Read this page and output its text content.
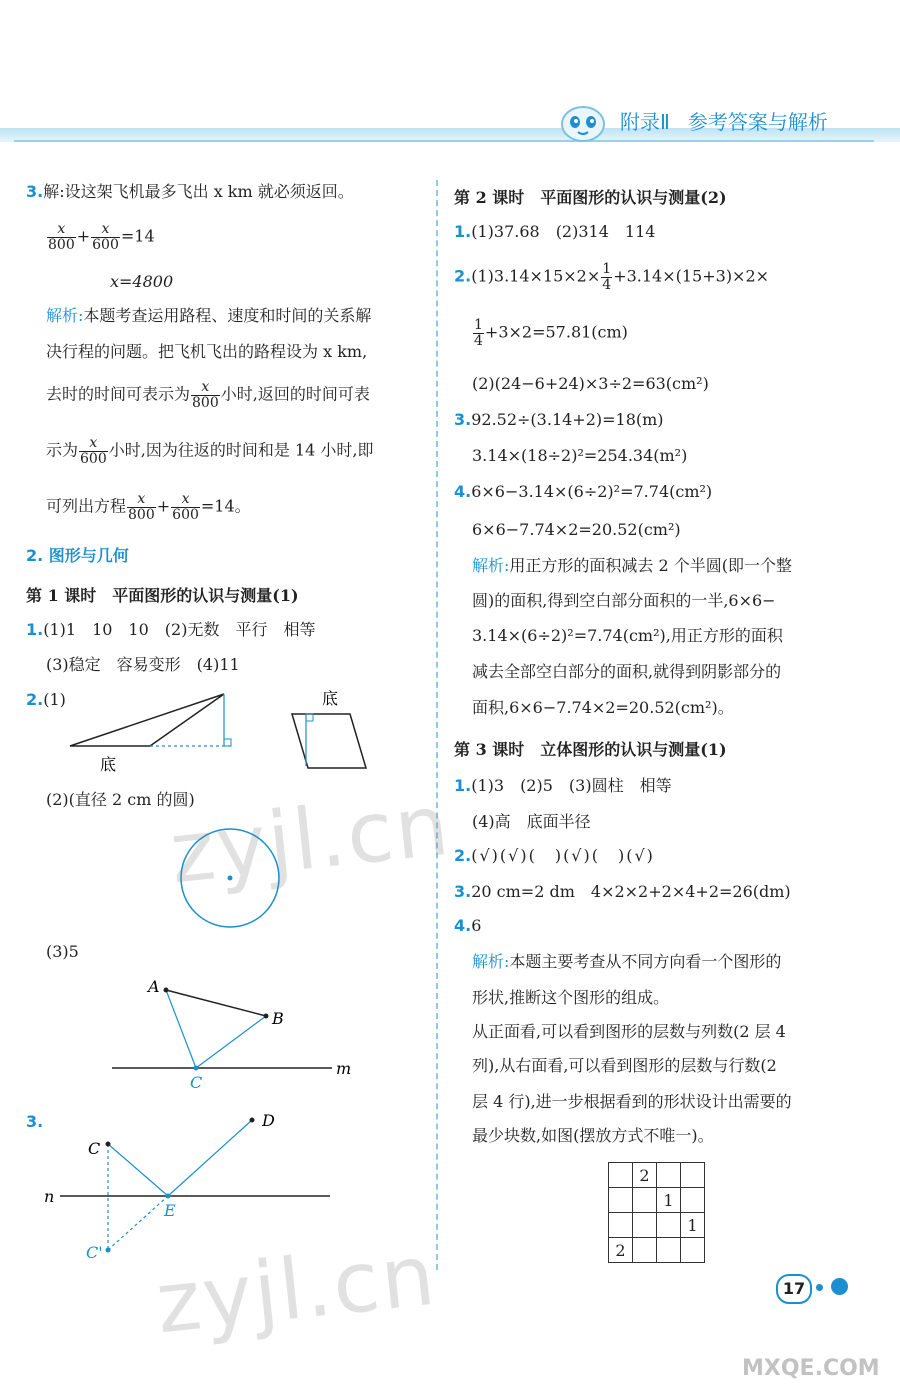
附录Ⅱ 参考答案与解析
3.解:设这架飞机最多飞出 x km 就必须返回。
$\frac{x}{800} + \frac{x}{600} =14$
x=4800
解析:本题考查运用路程、速度和时间的关系解
决行程的问题。把飞机飞出的路程设为 x km,
去时的时间可表示为 $\frac{x}{800}$ 小时,返回的时间可表
示为 $\frac{x}{600}$ 小时,因为往返的时间和是 14 小时,即
可列出方程 $\frac{x}{800} + \frac{x}{600} =14$。
2. 图形与几何
第 1 课时　平面图形的认识与测量(1)
1.(1)1　10　10　(2)无数　平行　相等
(3)稳定　容易变形　(4)11
2.(1)
底
底
(2)(直径 2 cm 的圆)
(3)5
A
B
C
m
3.
C
D
E
n
C'
第 2 课时　平面图形的认识与测量(2)
1.(1)37.68　(2)314　114
$2.(1)3.14\times 15\times 2\times \frac{1}{4} +3.14\times(15+3)\times 2\times$
$\frac{1}{4} +3\times 2=57.81(cm)$
(2)(24−6+24)×3÷2=63(cm²)
3.92.52÷(3.14+2)=18(m)
3.14×(18÷2)²=254.34(m²)
4.6×6−3.14×(6÷2)²=7.74(cm²)
6×6−7.74×2=20.52(cm²)
解析:用正方形的面积减去 2 个半圆(即一个整
圆)的面积,得到空白部分面积的一半,6×6−
3.14×(6÷2)²=7.74(cm²),用正方形的面积
减去全部空白部分的面积,就得到阴影部分的
面积,6×6−7.74×2=20.52(cm²)。
第 3 课时　立体图形的认识与测量(1)
1.(1)3　(2)5　(3)圆柱　相等
(4)高　底面半径
2.(√)(√)(　)(√)(　)(√)
3.20 cm=2 dm　4×2×2+2×4+2=26(dm)
4.6
解析:本题主要考查从不同方向看一个图形的
形状,推断这个图形的组成。
从正面看,可以看到图形的层数与列数(2 层 4
列),从右面看,可以看到图形的层数与行数(2
层 4 行),进一步根据看到的形状设计出需要的
最少块数,如图(摆放方式不唯一)。
	2		
		1	
			1
2			
17
zyjl.cn
zyjl.cn
MXQE.COM
